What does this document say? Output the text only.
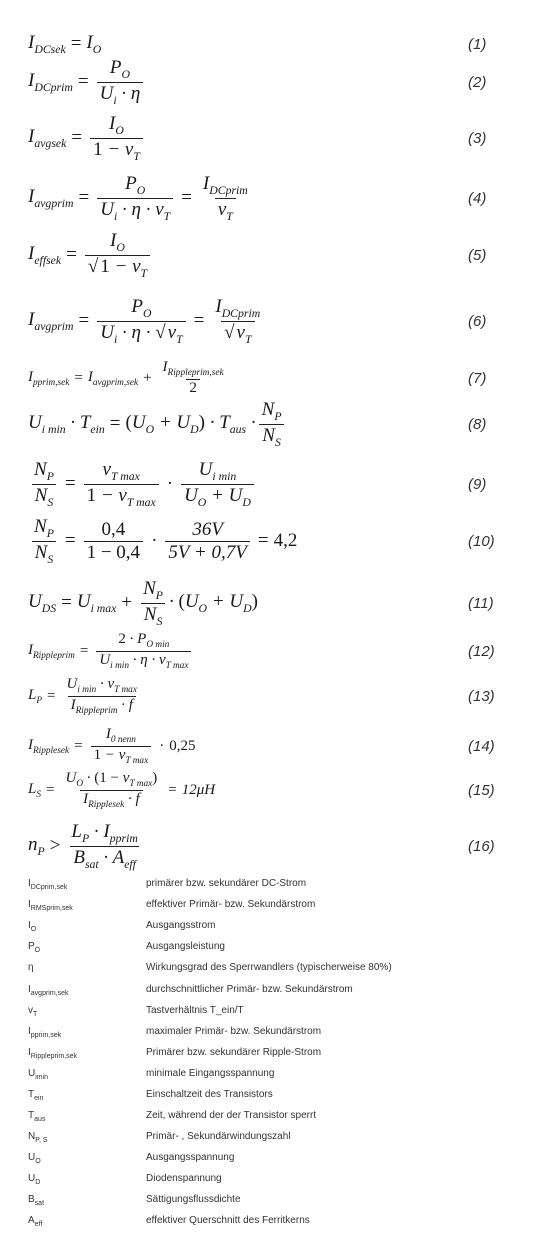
$I_{DCsek} = I_O$	(1)
$I_{DCprim} = \frac{P_O}{U_i \cdot \eta}$	(2)
$I_{avgsek} = \frac{I_O}{1 - v_T}$	(3)
$I_{avgprim} = \frac{P_O}{U_i \cdot \eta \cdot v_T} = \frac{I_{DCprim}}{v_T}$	(4)
$I_{effsek} = \frac{I_O}{√ 1 - v_T}$	(5)
$I_{avgprim} = \frac{P_O}{U_i \cdot \eta \cdot √ v_T} = \frac{I_{DCprim}}{√ v_T}$	(6)
$I_{pprim,sek} = I_{avgprim,sek} + \frac{I_{Rippleprim,sek}}{2}$	(7)
$U_{i min} \cdot T_{ein} = (U_O + U_D) \cdot T_{aus} \cdot \frac{N_P}{N_S}$	(8)
$\frac{N_P}{N_S} = \frac{v_{T max}}{1 - v_{T max}} \cdot \frac{U_{i min}}{U_O + U_D}$	(9)
$\frac{N_P}{N_S} = \frac{0,4}{1 - 0,4} \cdot \frac{36V}{5V + 0,7V} = 4,2$	(10)
$U_{DS} = U_{i max} + \frac{N_P}{N_S} \cdot (U_O + U_D)$	(11)
$I_{Rippleprim} = \frac{2 \cdot P_{O min}}{U_{i min} \cdot \eta \cdot v_{T max}}$	(12)
$L_P = \frac{U_{i min} \cdot v_{T max}}{I_{Rippleprim} \cdot f}$	(13)
$I_{Ripplesek} = \frac{I_{0 nenn}}{1 - v_{T max}} \cdot 0,25$	(14)
$L_S = \frac{U_O \cdot (1 - v_{T max})}{I_{Ripplesek} \cdot f} = 12\mu H$	(15)
$n_P > \frac{L_P \cdot I_{pprim}}{B_{sat} \cdot A_{eff}}$	(16)
$I_{DCprim,sek}$	primärer bzw. sekundärer DC-Strom
$I_{RMSprim,sek}$	effektiver Primär- bzw. Sekundärstrom
$I_O$	Ausgangsstrom
$P_O$	Ausgangsleistung
η	Wirkungsgrad des Sperrwandlers (typischerweise 80%)
$I_{avgprim,sek}$	durchschnittlicher Primär- bzw. Sekundärstrom
$v_T$	Tastverhältnis T_ein/T
$I_{pprim,sek}$	maximaler Primär- bzw. Sekundärstrom
$I_{Rippleprim,sek}$	Primärer bzw. sekundärer Ripple-Strom
$U_{imin}$	minimale Eingangsspannung
$T_{ein}$	Einschaltzeit des Transistors
$T_{aus}$	Zeit, während der der Transistor sperrt
$N_{P, S}$	Primär- , Sekundärwindungszahl
$U_O$	Ausgangsspannung
$U_D$	Diodenspannung
$B_{sat}$	Sättigungsflussdichte
$A_{eff}$	effektiver Querschnitt des Ferritkerns
